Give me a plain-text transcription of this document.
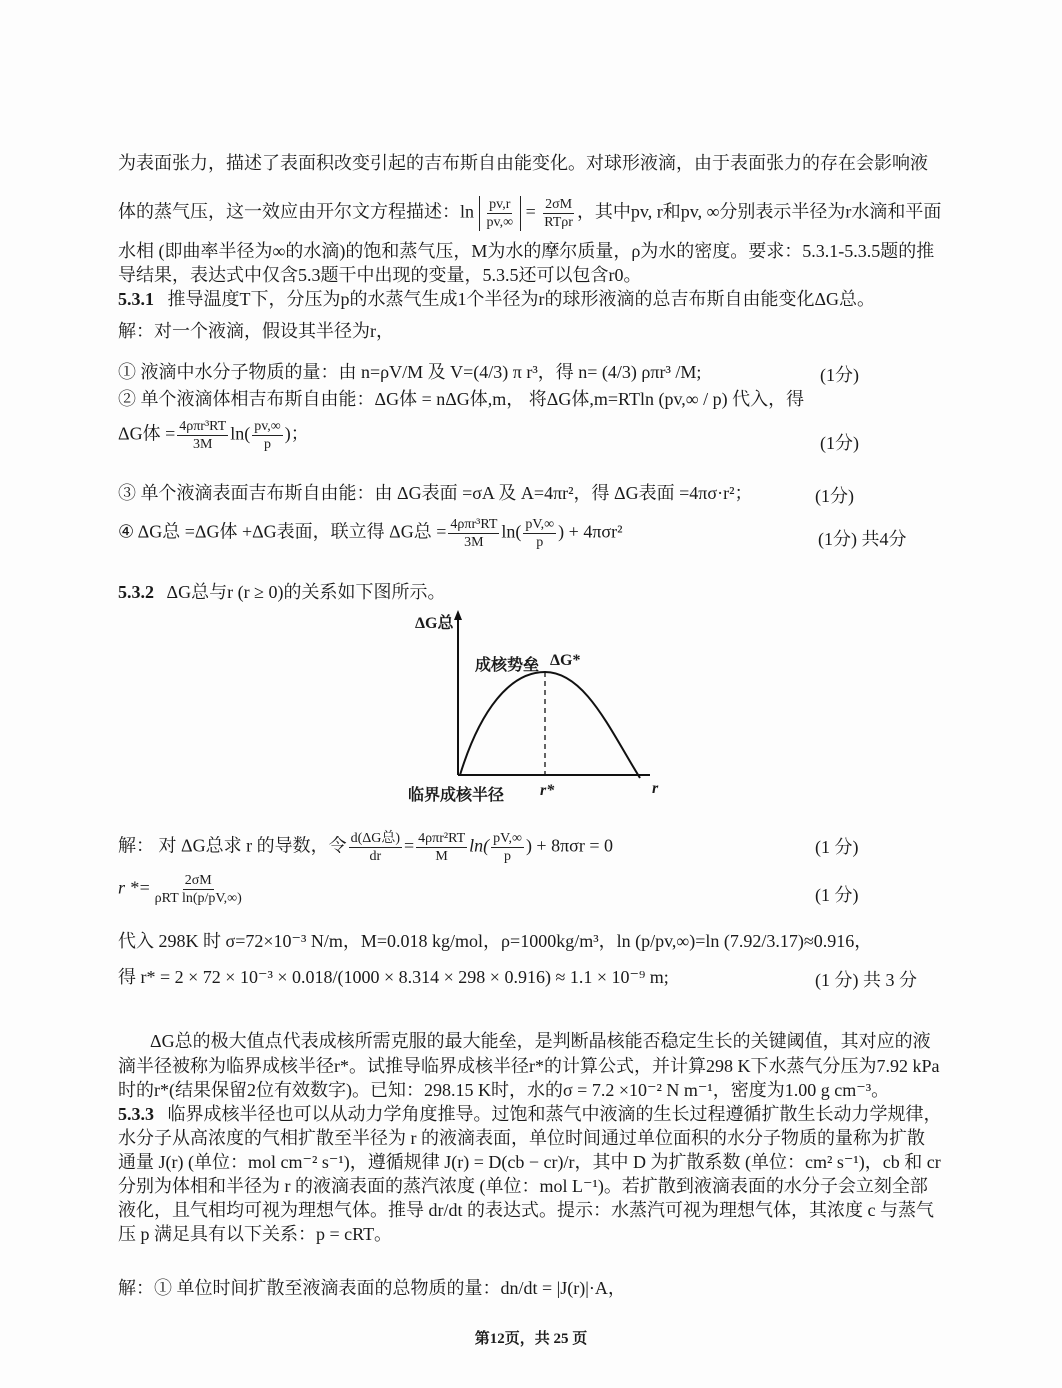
为表面张力，描述了表面积改变引起的吉布斯自由能变化。对球形液滴，由于表面张力的存在会影响液
体的蒸气压，这一效应由开尔文方程描述：$\ln \frac{pv,r}{pv,\infty} = \frac{2\sigma M}{\text{RTρr}}$ ，其中pv, r和pv, ∞分别表示半径为r水滴和平面
水相 (即曲率半径为∞的水滴)的饱和蒸气压，M为水的摩尔质量，ρ为水的密度。要求：5.3.1-5.3.5题的推
导结果，表达式中仅含5.3题干中出现的变量，5.3.5还可以包含r0。
5.3.1 推导温度T下，分压为p的水蒸气生成1个半径为r的球形液滴的总吉布斯自由能变化ΔG总。
解：对一个液滴，假设其半径为r，
① 液滴中水分子物质的量：由 n=ρV/M 及 V=(4/3) π r³，得 n= (4/3) ρπr³ /M;	(1分)
② 单个液滴体相吉布斯自由能：ΔG体 = nΔG体,m， 将ΔG体,m=RTln (pv,∞ / p) 代入，得
ΔG体 = $\frac{\text{4ρπr³RT}}{3M} \ln( \frac{pv,\infty}{p}$ )；	(1分)
③ 单个液滴表面吉布斯自由能：由 ΔG表面 =σA 及 A=4πr²，得 ΔG表面 =4πσ·r²；	(1分)
④ ΔG总 =ΔG体 +ΔG表面，联立得 ΔG总 = $\frac{\text{4ρπr³RT}}{3M} \ln( \frac{pV,\infty}{p}$ ) + 4πσr²	(1分) 共4分
5.3.2 ΔG总与r (r ≥ 0)的关系如下图所示。
ΔG总
成核势垒 ΔG*
临界成核半径 r*	r
解： 对 ΔG总求 r 的导数，令 $\frac{\text{d(ΔG总)}}{dr} = \frac{\text{4ρπr²RT}}{M} \ln( \frac{pV,\infty}{p}$ ) + 8πσr = 0	(1 分)
$r *= \frac{2\sigma M}{\text{ρRT ln(p/pV,∞)}}$	(1 分)
代入 298K 时 σ=72×10⁻³ N/m，M=0.018 kg/mol，ρ=1000kg/m³，ln (p/pv,∞)=ln (7.92/3.17)≈0.916，
得 r* = 2 × 72 × 10⁻³ × 0.018/(1000 × 8.314 × 298 × 0.916) ≈ 1.1 × 10⁻⁹ m;	(1 分) 共 3 分
ΔG总的极大值点代表成核所需克服的最大能垒，是判断晶核能否稳定生长的关键阈值，其对应的液
滴半径被称为临界成核半径r*。试推导临界成核半径r*的计算公式，并计算298 K下水蒸气分压为7.92 kPa
时的r*(结果保留2位有效数字)。已知：298.15 K时，水的σ = 7.2 ×10⁻² N m⁻¹，密度为1.00 g cm⁻³。
5.3.3 临界成核半径也可以从动力学角度推导。过饱和蒸气中液滴的生长过程遵循扩散生长动力学规律，
水分子从高浓度的气相扩散至半径为 r 的液滴表面，单位时间通过单位面积的水分子物质的量称为扩散
通量 J(r) (单位：mol cm⁻² s⁻¹)，遵循规律 J(r) = D(cb − cr)/r，其中 D 为扩散系数 (单位：cm² s⁻¹)，cb 和 cr
分别为体相和半径为 r 的液滴表面的蒸汽浓度 (单位：mol L⁻¹)。若扩散到液滴表面的水分子会立刻全部
液化，且气相均可视为理想气体。推导 dr/dt 的表达式。提示：水蒸汽可视为理想气体，其浓度 c 与蒸气
压 p 满足具有以下关系：p = cRT。
解：① 单位时间扩散至液滴表面的总物质的量：dn/dt = |J(r)|·A，
第12页，共 25 页
